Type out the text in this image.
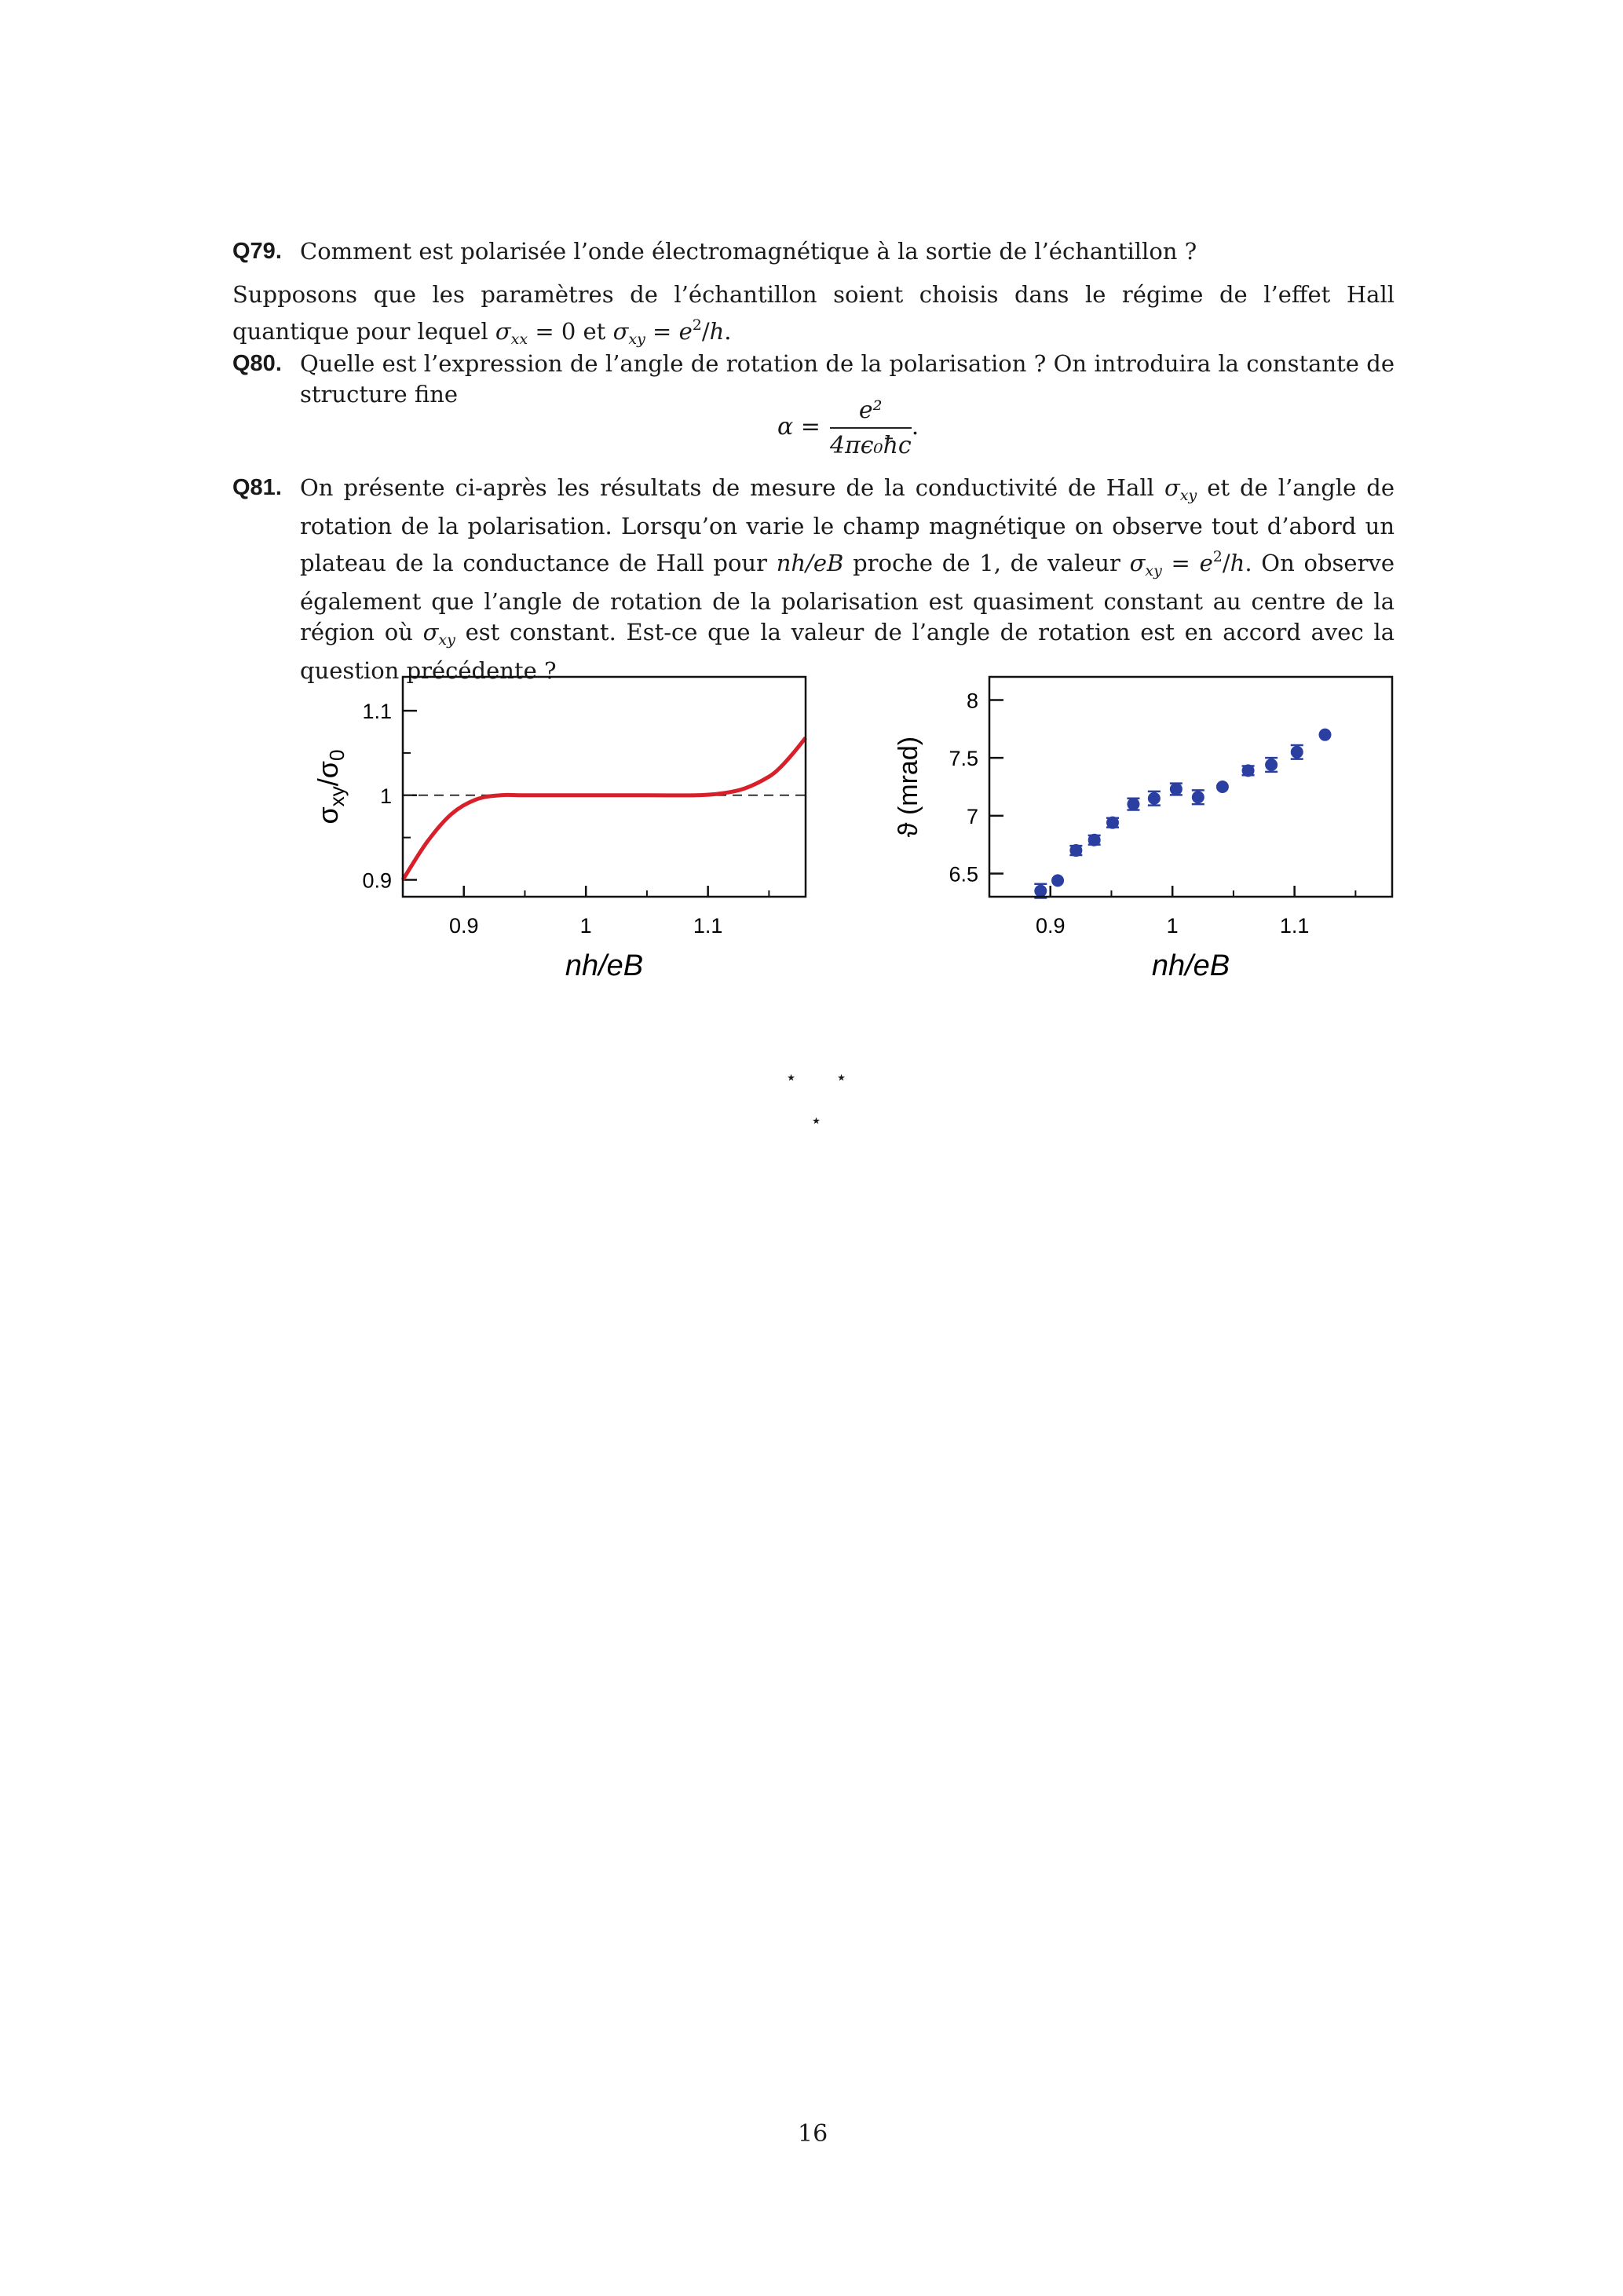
Q79. Comment est polarisée l’onde électromagnétique à la sortie de l’échantillon ?
Supposons que les paramètres de l’échantillon soient choisis dans le régime de l’effet Hall quantique pour lequel $\sigma_{xx} = 0$ et $\sigma_{xy} = e^2/h$.
Q80. Quelle est l’expression de l’angle de rotation de la polarisation ? On introduira la constante de structure fine
$\alpha = \frac{\text{e²}}{\text{4πϵ₀ħc}}$ .
Q81. On présente ci-après les résultats de mesure de la conductivité de Hall $\sigma_{xy}$ et de l’angle de rotation de la polarisation. Lorsqu’on varie le champ magnétique on observe tout d’abord un plateau de la conductance de Hall pour nh/eB proche de 1, de valeur $\sigma_{xy} = e^2/h$. On observe également que l’angle de rotation de la polarisation est quasiment constant au centre de la région où $\sigma_{xy}$ est constant. Est-ce que la valeur de l’angle de rotation est en accord avec la question précédente ?
0.9	1	1.1
0.9
1
1.1
nh/eB
$\sigma_{xy}/\sigma_0$
0.9	1	1.1
6.5
7
7.5
8
nh/eB
ϑ (mrad)
⋆ ⋆
⋆
16
